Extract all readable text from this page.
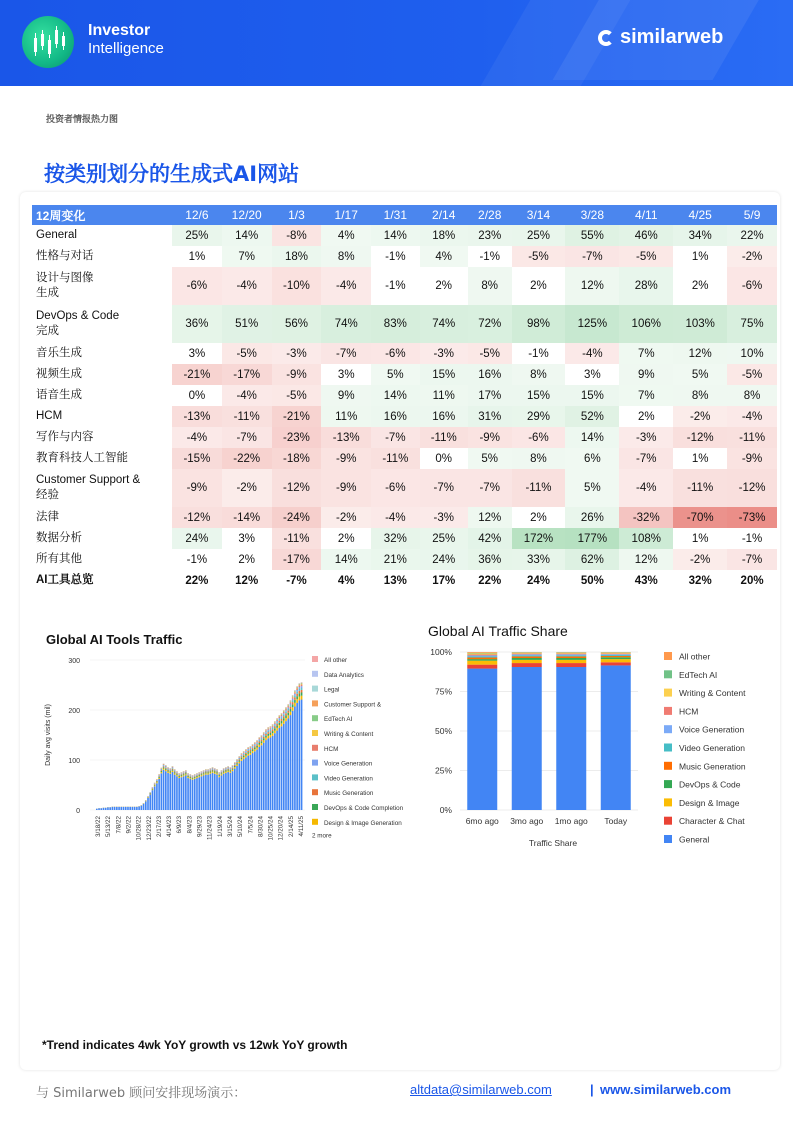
Investor
Intelligence
similarweb
投资者情报热力图
按类别划分的生成式AI网站
12周变化	12/6	12/20	1/3	1/17	1/31	2/14	2/28	3/14	3/28	4/11	4/25	5/9
General	25%	14%	-8%	4%	14%	18%	23%	25%	55%	46%	34%	22%
性格与对话	1%	7%	18%	8%	-1%	4%	-1%	-5%	-7%	-5%	1%	-2%
设计与图像
生成	-6%	-4%	-10%	-4%	-1%	2%	8%	2%	12%	28%	2%	-6%
DevOps & Code
完成	36%	51%	56%	74%	83%	74%	72%	98%	125%	106%	103%	75%
音乐生成	3%	-5%	-3%	-7%	-6%	-3%	-5%	-1%	-4%	7%	12%	10%
视频生成	-21%	-17%	-9%	3%	5%	15%	16%	8%	3%	9%	5%	-5%
语音生成	0%	-4%	-5%	9%	14%	11%	17%	15%	15%	7%	8%	8%
HCM	-13%	-11%	-21%	11%	16%	16%	31%	29%	52%	2%	-2%	-4%
写作与内容	-4%	-7%	-23%	-13%	-7%	-11%	-9%	-6%	14%	-3%	-12%	-11%
教育科技人工智能	-15%	-22%	-18%	-9%	-11%	0%	5%	8%	6%	-7%	1%	-9%
Customer Support &
经验	-9%	-2%	-12%	-9%	-6%	-7%	-7%	-11%	5%	-4%	-11%	-12%
法律	-12%	-14%	-24%	-2%	-4%	-3%	12%	2%	26%	-32%	-70%	-73%
数据分析	24%	3%	-11%	2%	32%	25%	42%	172%	177%	108%	1%	-1%
所有其他	-1%	2%	-17%	14%	21%	24%	36%	33%	62%	12%	-2%	-7%
AI工具总览	22%	12%	-7%	4%	13%	17%	22%	24%	50%	43%	32%	20%
Global AI Tools Traffic
Daily avg visits (mil)
0
100
200
300
3/18/22 5/13/22 7/8/22 9/2/22 10/28/22 12/23/22 2/17/23 4/14/23 6/9/23 8/4/23 9/29/23 11/24/23 1/19/24 3/15/24 5/10/24 7/5/24 8/30/24 10/25/24 12/20/24 2/14/25 4/11/25
All other
Data Analytics
Legal
Customer Support &
EdTech AI
Writing & Content
HCM
Voice Generation
Video Generation
Music Generation
DevOps & Code Completion
Design & Image Generation
2 more
Global AI Traffic Share
0%
25%
50%
75%
100%
6mo ago 3mo ago 1mo ago Today
Traffic Share
All other
EdTech AI
Writing & Content
HCM
Voice Generation
Video Generation
Music Generation
DevOps & Code
Design & Image
Character & Chat
General
*Trend indicates 4wk YoY growth vs 12wk YoY growth
与 Similarweb 顾问安排现场演示：	altdata@similarweb.com	| www.similarweb.com
